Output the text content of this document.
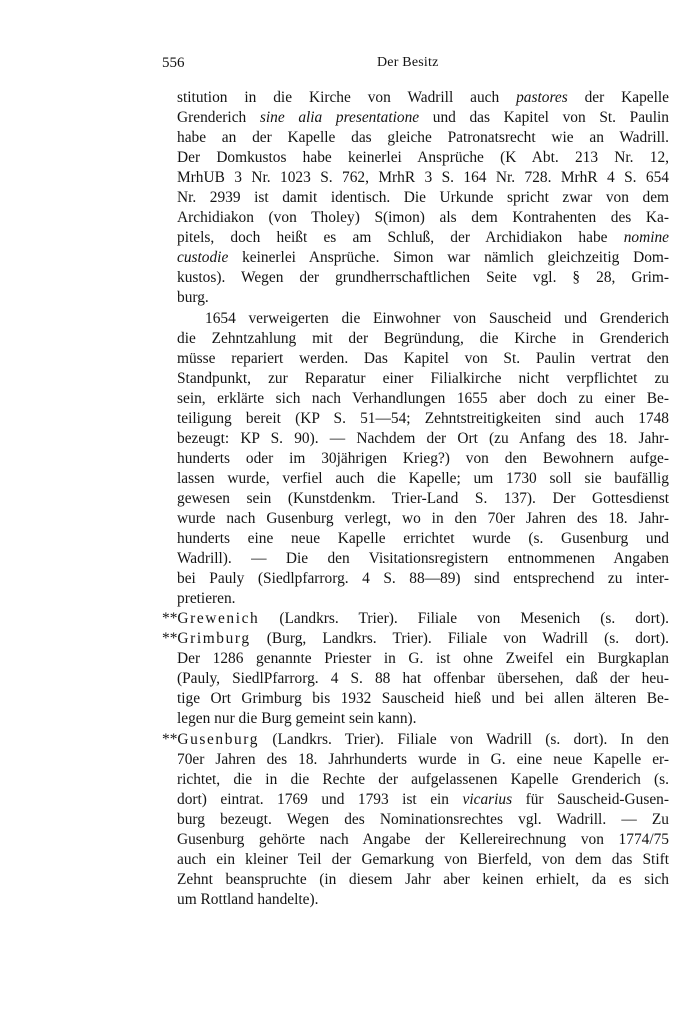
556	Der Besitz
stitution in die Kirche von Wadrill auch pastores der Kapelle
Grenderich sine alia presentatione und das Kapitel von St. Paulin
habe an der Kapelle das gleiche Patronatsrecht wie an Wadrill.
Der Domkustos habe keinerlei Ansprüche (K Abt. 213 Nr. 12,
MrhUB 3 Nr. 1023 S. 762, MrhR 3 S. 164 Nr. 728. MrhR 4 S. 654
Nr. 2939 ist damit identisch. Die Urkunde spricht zwar von dem
Archidiakon (von Tholey) S(imon) als dem Kontrahenten des Ka-
pitels, doch heißt es am Schluß, der Archidiakon habe nomine
custodie keinerlei Ansprüche. Simon war nämlich gleichzeitig Dom-
kustos). Wegen der grundherrschaftlichen Seite vgl. § 28, Grim-
burg.
1654 verweigerten die Einwohner von Sauscheid und Grenderich
die Zehntzahlung mit der Begründung, die Kirche in Grenderich
müsse repariert werden. Das Kapitel von St. Paulin vertrat den
Standpunkt, zur Reparatur einer Filialkirche nicht verpflichtet zu
sein, erklärte sich nach Verhandlungen 1655 aber doch zu einer Be-
teiligung bereit (KP S. 51—54; Zehntstreitigkeiten sind auch 1748
bezeugt: KP S. 90). — Nachdem der Ort (zu Anfang des 18. Jahr-
hunderts oder im 30jährigen Krieg?) von den Bewohnern aufge-
lassen wurde, verfiel auch die Kapelle; um 1730 soll sie baufällig
gewesen sein (Kunstdenkm. Trier-Land S. 137). Der Gottesdienst
wurde nach Gusenburg verlegt, wo in den 70er Jahren des 18. Jahr-
hunderts eine neue Kapelle errichtet wurde (s. Gusenburg und
Wadrill). — Die den Visitationsregistern entnommenen Angaben
bei Pauly (Siedlpfarrorg. 4 S. 88—89) sind entsprechend zu inter-
pretieren.
**Grewenich (Landkrs. Trier). Filiale von Mesenich (s. dort).
**Grimburg (Burg, Landkrs. Trier). Filiale von Wadrill (s. dort).
Der 1286 genannte Priester in G. ist ohne Zweifel ein Burgkaplan
(Pauly, SiedlPfarrorg. 4 S. 88 hat offenbar übersehen, daß der heu-
tige Ort Grimburg bis 1932 Sauscheid hieß und bei allen älteren Be-
legen nur die Burg gemeint sein kann).
**Gusenburg (Landkrs. Trier). Filiale von Wadrill (s. dort). In den
70er Jahren des 18. Jahrhunderts wurde in G. eine neue Kapelle er-
richtet, die in die Rechte der aufgelassenen Kapelle Grenderich (s.
dort) eintrat. 1769 und 1793 ist ein vicarius für Sauscheid-Gusen-
burg bezeugt. Wegen des Nominationsrechtes vgl. Wadrill. — Zu
Gusenburg gehörte nach Angabe der Kellereirechnung von 1774/75
auch ein kleiner Teil der Gemarkung von Bierfeld, von dem das Stift
Zehnt beanspruchte (in diesem Jahr aber keinen erhielt, da es sich
um Rottland handelte).
